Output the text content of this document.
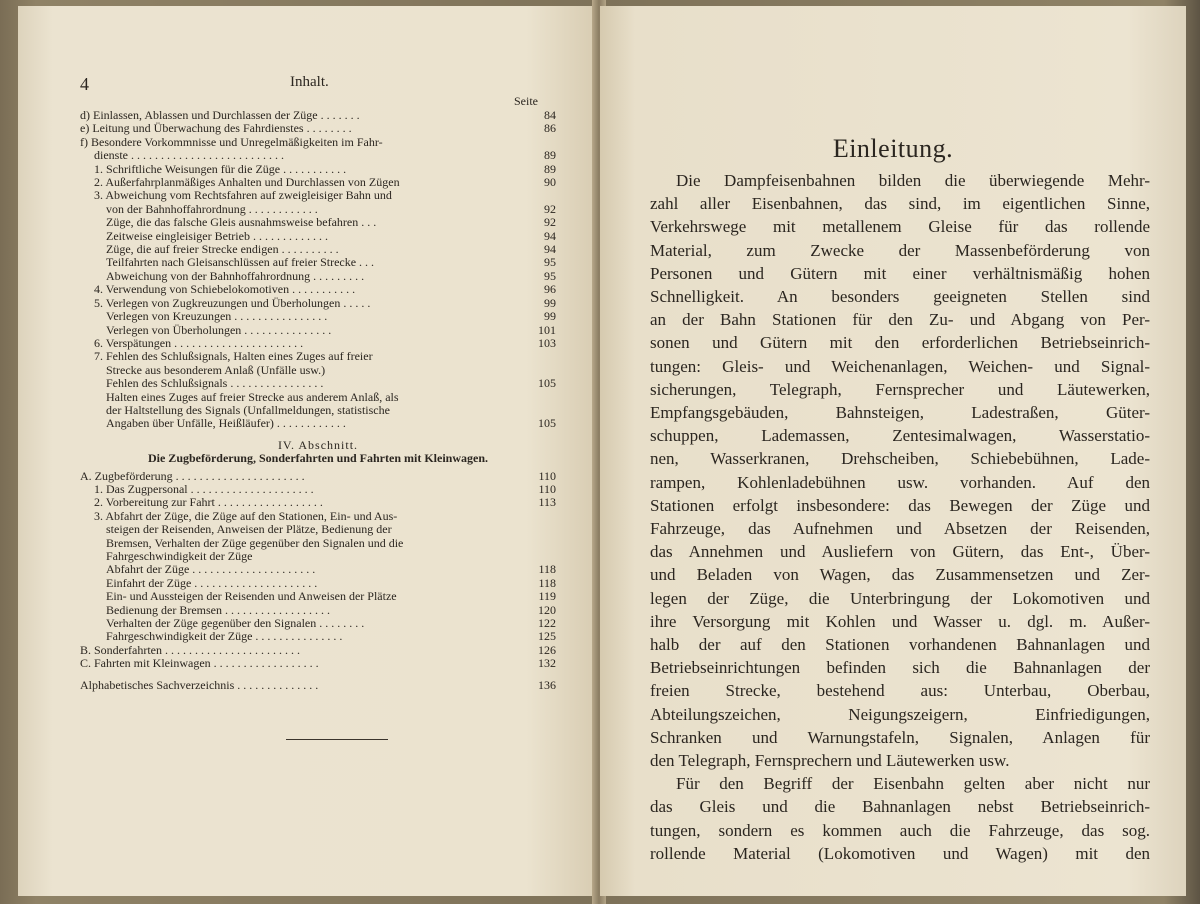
4	Inhalt.
Seite
d) Einlassen, Ablassen und Durchlassen der Züge . . . . . . .	84
e) Leitung und Überwachung des Fahrdienstes . . . . . . . .	86
f) Besondere Vorkommnisse und Unregelmäßigkeiten im Fahr-
dienste . . . . . . . . . . . . . . . . . . . . . . . . . .	89
1. Schriftliche Weisungen für die Züge . . . . . . . . . . .	89
2. Außerfahrplanmäßiges Anhalten und Durchlassen von Zügen	90
3. Abweichung vom Rechtsfahren auf zweigleisiger Bahn und
von der Bahnhoffahrordnung . . . . . . . . . . . .	92
Züge, die das falsche Gleis ausnahmsweise befahren . . .	92
Zeitweise eingleisiger Betrieb . . . . . . . . . . . . .	94
Züge, die auf freier Strecke endigen . . . . . . . . . .	94
Teilfahrten nach Gleisanschlüssen auf freier Strecke . . .	95
Abweichung von der Bahnhoffahrordnung . . . . . . . . .	95
4. Verwendung von Schiebelokomotiven . . . . . . . . . . .	96
5. Verlegen von Zugkreuzungen und Überholungen . . . . .	99
Verlegen von Kreuzungen . . . . . . . . . . . . . . . .	99
Verlegen von Überholungen . . . . . . . . . . . . . . .	101
6. Verspätungen . . . . . . . . . . . . . . . . . . . . . .	103
7. Fehlen des Schlußsignals, Halten eines Zuges auf freier
Strecke aus besonderem Anlaß (Unfälle usw.)
Fehlen des Schlußsignals . . . . . . . . . . . . . . . .	105
Halten eines Zuges auf freier Strecke aus anderem Anlaß, als
der Haltstellung des Signals (Unfallmeldungen, statistische
Angaben über Unfälle, Heißläufer) . . . . . . . . . . . .	105
IV. Abschnitt.
Die Zugbeförderung, Sonderfahrten und Fahrten mit Kleinwagen.
A. Zugbeförderung . . . . . . . . . . . . . . . . . . . . . .	110
1. Das Zugpersonal . . . . . . . . . . . . . . . . . . . . .	110
2. Vorbereitung zur Fahrt . . . . . . . . . . . . . . . . . .	113
3. Abfahrt der Züge, die Züge auf den Stationen, Ein- und Aus-
steigen der Reisenden, Anweisen der Plätze, Bedienung der
Bremsen, Verhalten der Züge gegenüber den Signalen und die
Fahrgeschwindigkeit der Züge
Abfahrt der Züge . . . . . . . . . . . . . . . . . . . . .	118
Einfahrt der Züge . . . . . . . . . . . . . . . . . . . . .	118
Ein- und Aussteigen der Reisenden und Anweisen der Plätze	119
Bedienung der Bremsen . . . . . . . . . . . . . . . . . .	120
Verhalten der Züge gegenüber den Signalen . . . . . . . .	122
Fahrgeschwindigkeit der Züge . . . . . . . . . . . . . . .	125
B. Sonderfahrten . . . . . . . . . . . . . . . . . . . . . . .	126
C. Fahrten mit Kleinwagen . . . . . . . . . . . . . . . . . .	132
Alphabetisches Sachverzeichnis . . . . . . . . . . . . . .	136
Einleitung.
Die Dampfeisenbahnen bilden die überwiegende Mehr-
zahl aller Eisenbahnen, das sind, im eigentlichen Sinne,
Verkehrswege mit metallenem Gleise für das rollende
Material, zum Zwecke der Massenbeförderung von
Personen und Gütern mit einer verhältnismäßig hohen
Schnelligkeit. An besonders geeigneten Stellen sind
an der Bahn Stationen für den Zu- und Abgang von Per-
sonen und Gütern mit den erforderlichen Betriebseinrich-
tungen: Gleis- und Weichenanlagen, Weichen- und Signal-
sicherungen, Telegraph, Fernsprecher und Läutewerken,
Empfangsgebäuden, Bahnsteigen, Ladestraßen, Güter-
schuppen, Lademassen, Zentesimalwagen, Wasserstatio-
nen, Wasserkranen, Drehscheiben, Schiebebühnen, Lade-
rampen, Kohlenladebühnen usw. vorhanden. Auf den
Stationen erfolgt insbesondere: das Bewegen der Züge und
Fahrzeuge, das Aufnehmen und Absetzen der Reisenden,
das Annehmen und Ausliefern von Gütern, das Ent-, Über-
und Beladen von Wagen, das Zusammensetzen und Zer-
legen der Züge, die Unterbringung der Lokomotiven und
ihre Versorgung mit Kohlen und Wasser u. dgl. m. Außer-
halb der auf den Stationen vorhandenen Bahnanlagen und
Betriebseinrichtungen befinden sich die Bahnanlagen der
freien Strecke, bestehend aus: Unterbau, Oberbau,
Abteilungszeichen, Neigungszeigern, Einfriedigungen,
Schranken und Warnungstafeln, Signalen, Anlagen für
den Telegraph, Fernsprechern und Läutewerken usw.
Für den Begriff der Eisenbahn gelten aber nicht nur
das Gleis und die Bahnanlagen nebst Betriebseinrich-
tungen, sondern es kommen auch die Fahrzeuge, das sog.
rollende Material (Lokomotiven und Wagen) mit den
